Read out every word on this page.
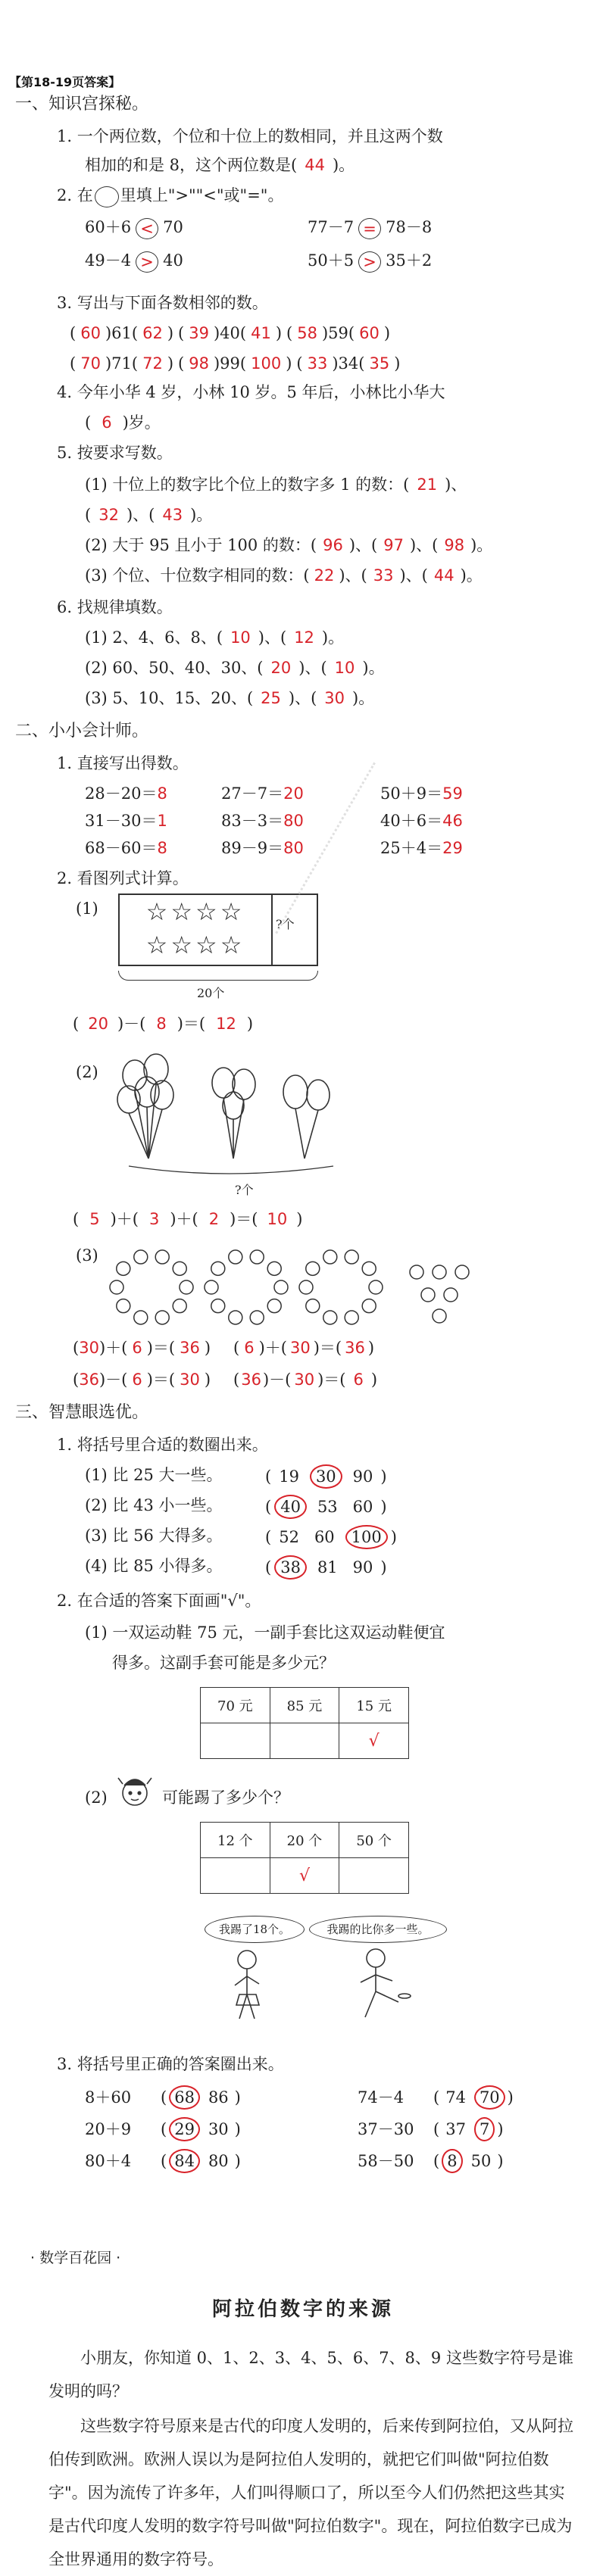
【第18-19页答案】
一、知识宫探秘。
1. 一个两位数，个位和十位上的数相同，并且这两个数
相加的和是 8，这个两位数是( 44 )。
2. 在 里填上">""<"或"="。
60＋6 < 70	77－7 = 78－8
49－4 > 40	50＋5 > 35＋2
3. 写出与下面各数相邻的数。
( 60 )61( 62 ) ( 39 )40( 41 ) ( 58 )59( 60 )
( 70 )71( 72 ) ( 98 )99( 100 ) ( 33 )34( 35 )
4. 今年小华 4 岁，小林 10 岁。5 年后，小林比小华大
( 6 )岁。
5. 按要求写数。
(1) 十位上的数字比个位上的数字多 1 的数：( 21 )、
( 32 )、( 43 )。
(2) 大于 95 且小于 100 的数：( 96 )、( 97 )、( 98 )。
(3) 个位、十位数字相同的数：( 22 )、( 33 )、( 44 )。
6. 找规律填数。
(1) 2、4、6、8、( 10 )、( 12 )。
(2) 60、50、40、30、( 20 )、( 10 )。
(3) 5、10、15、20、( 25 )、( 30 )。
二、小小会计师。
1. 直接写出得数。
28－20＝8	27－7＝20	50＋9＝59
31－30＝1	83－3＝80	40＋6＝46
68－60＝8	89－9＝80	25＋4＝29
2. 看图列式计算。
(1)	☆☆☆☆
☆☆☆☆
?个
20个
( 20 )－( 8 )＝( 12 )
(2)
?个
( 5 )＋( 3 )＋( 2 )＝( 10 )
(3)
(30)＋( 6 )＝( 36 ) ( 6 )＋( 30 )＝( 36 )
(36)－( 6 )＝( 30 ) (36)－( 30 )＝( 6 )
三、智慧眼选优。
1. 将括号里合适的数圈出来。
(1) 比 25 大一些。	( 19 30 90 )
(2) 比 43 小一些。	( 40 53 60 )
(3) 比 56 大得多。	( 52 60 100 )
(4) 比 85 小得多。	( 38 81 90 )
2. 在合适的答案下面画"√"。
(1) 一双运动鞋 75 元，一副手套比这双运动鞋便宜
得多。这副手套可能是多少元？
70 元	85 元	15 元
		√
(2)	可能踢了多少个？
12 个	20 个	50 个
	√	
我踢了18个。	我踢的比你多一些。
3. 将括号里正确的答案圈出来。
8＋60 ( 68 86 )	74－4 ( 74 70 )
20＋9 ( 29 30 )	37－30 ( 37 7 )
80＋4 ( 84 80 )	58－50 ( 8 50 )
· 数学百花园 ·
阿拉伯数字的来源
小朋友，你知道 0、1、2、3、4、5、6、7、8、9 这些数字符号是谁发明的吗？
这些数字符号原来是古代的印度人发明的，后来传到阿拉伯，又从阿拉伯传到欧洲。欧洲人误以为是阿拉伯人发明的，就把它们叫做"阿拉伯数字"。因为流传了许多年，人们叫得顺口了，所以至今人们仍然把这些其实是古代印度人发明的数字符号叫做"阿拉伯数字"。现在，阿拉伯数字已成为全世界通用的数字符号。
